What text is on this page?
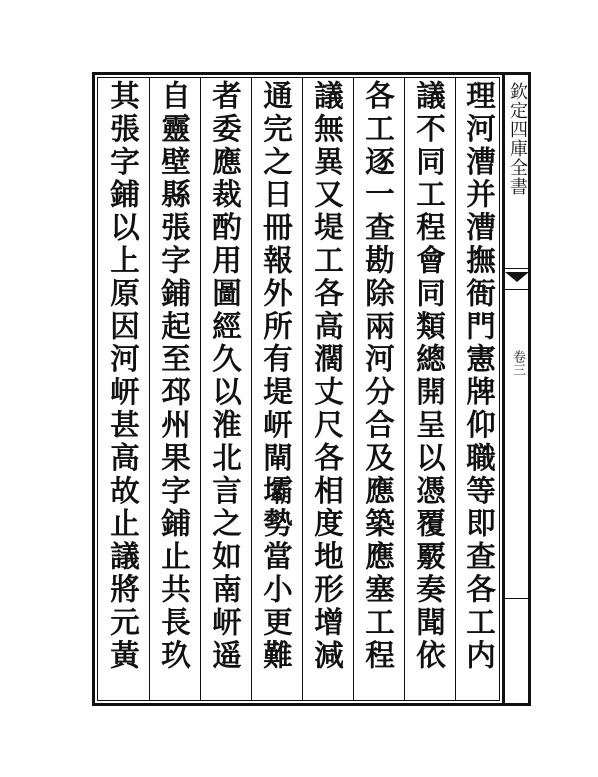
理河漕并漕撫衙門憲牌仰職等即查各工内
議不同工程會同類總開呈以憑覆覈奏聞依
各工逐一查勘除兩河分合及應築應塞工程
議無異又堤工各高濶丈尺各相度地形增減
通完之日冊報外所有堤岍閘壩勢當小更難
者委應裁酌用圖經久以淮北言之如南岍遥
自靈壁縣張字鋪起至邳州果字鋪止共長玖
其張字鋪以上原因河岍甚高故止議將元黃
欽定四庫全書
卷三
